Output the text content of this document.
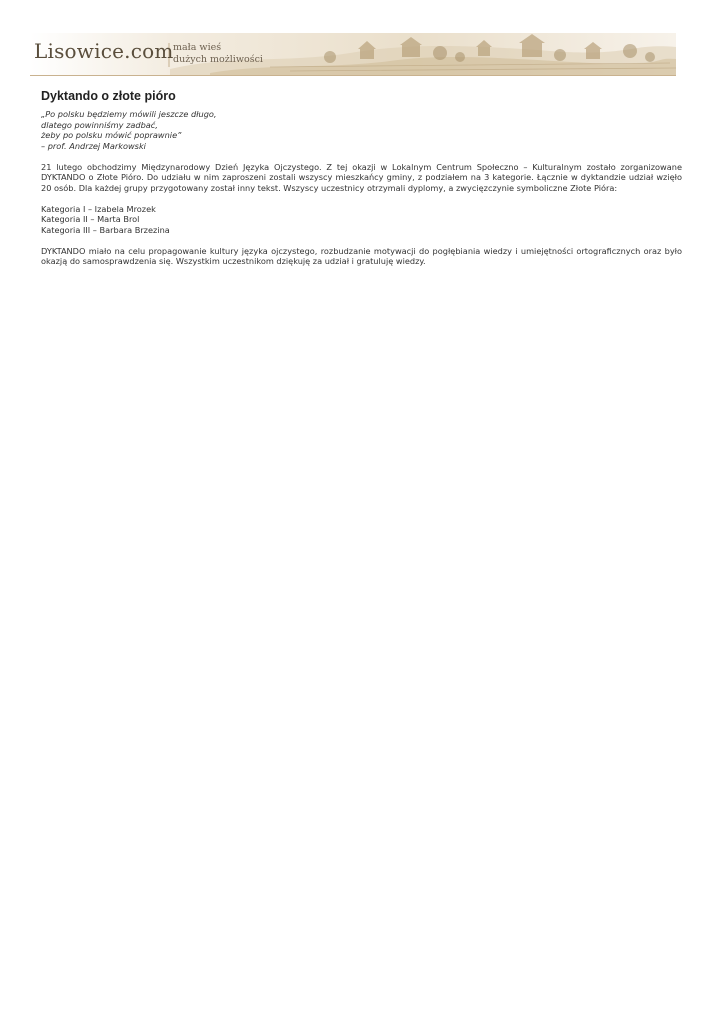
Lisowice.com mała wieś
dużych możliwości
Dyktando o złote pióro
„Po polsku będziemy mówili jeszcze długo,
dlatego powinniśmy zadbać,
żeby po polsku mówić poprawnie”
– prof. Andrzej Markowski

21 lutego obchodzimy Międzynarodowy Dzień Języka Ojczystego. Z tej okazji w Lokalnym Centrum Społeczno – Kulturalnym zostało zorganizowane DYKTANDO o Złote Pióro. Do udziału w nim zaproszeni zostali wszyscy mieszkańcy gminy, z podziałem na 3 kategorie. Łącznie w dyktandzie udział wzięło 20 osób. Dla każdej grupy przygotowany został inny tekst. Wszyscy uczestnicy otrzymali dyplomy, a zwycięzczynie symboliczne Złote Pióra:

Kategoria I – Izabela Mrozek
Kategoria II – Marta Brol
Kategoria III – Barbara Brzezina

DYKTANDO miało na celu propagowanie kultury języka ojczystego, rozbudzanie motywacji do pogłębiania wiedzy i umiejętności ortograficznych oraz było okazją do samosprawdzenia się. Wszystkim uczestnikom dziękuję za udział i gratuluję wiedzy.
